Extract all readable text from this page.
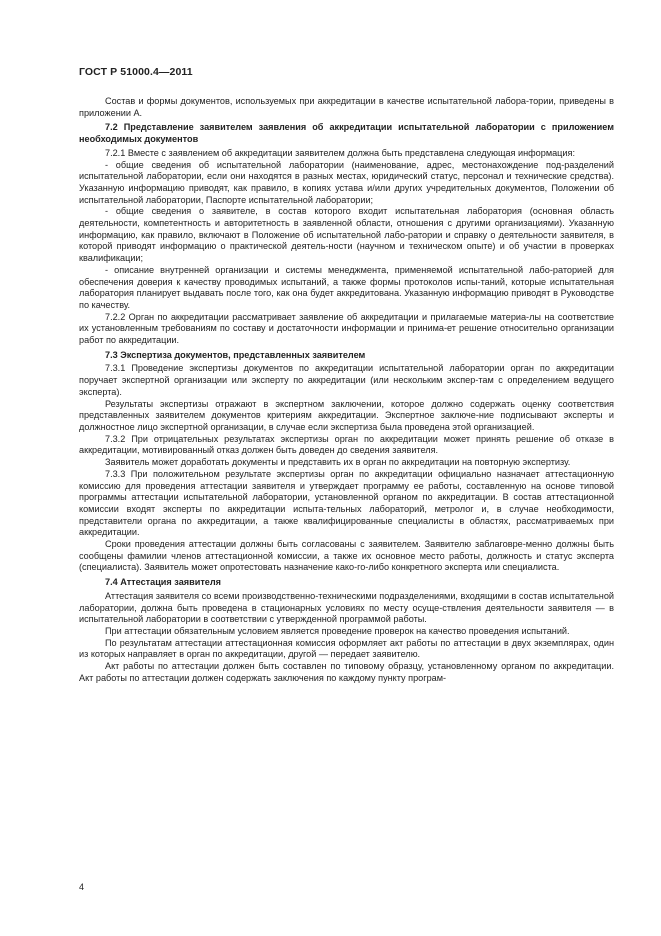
ГОСТ Р 51000.4—2011

Состав и формы документов, используемых при аккредитации в качестве испытательной лабора-тории, приведены в приложении А.

7.2 Представление заявителем заявления об аккредитации испытательной лаборатории с приложением необходимых документов

7.2.1 Вместе с заявлением об аккредитации заявителем должна быть представлена следующая информация:

- общие сведения об испытательной лаборатории (наименование, адрес, местонахождение под-разделений испытательной лаборатории, если они находятся в разных местах, юридический статус, персонал и технические средства). Указанную информацию приводят, как правило, в копиях устава и/или других учредительных документов, Положении об испытательной лаборатории, Паспорте испытательной лаборатории;

- общие сведения о заявителе, в состав которого входит испытательная лаборатория (основная область деятельности, компетентность и авторитетность в заявленной области, отношения с другими организациями). Указанную информацию, как правило, включают в Положение об испытательной лабо-ратории и справку о деятельности заявителя, в которой приводят информацию о практической деятель-ности (научном и техническом опыте) и об участии в проверках квалификации;

- описание внутренней организации и системы менеджмента, применяемой испытательной лабо-раторией для обеспечения доверия к качеству проводимых испытаний, а также формы протоколов испы-таний, которые испытательная лаборатория планирует выдавать после того, как она будет аккредитована. Указанную информацию приводят в Руководстве по качеству.

7.2.2 Орган по аккредитации рассматривает заявление об аккредитации и прилагаемые материа-лы на соответствие их установленным требованиям по составу и достаточности информации и принима-ет решение относительно организации работ по аккредитации.

7.3 Экспертиза документов, представленных заявителем

7.3.1 Проведение экспертизы документов по аккредитации испытательной лаборатории орган по аккредитации поручает экспертной организации или эксперту по аккредитации (или нескольким экспер-там с определением ведущего эксперта).

Результаты экспертизы отражают в экспертном заключении, которое должно содержать оценку соответствия представленных заявителем документов критериям аккредитации. Экспертное заключе-ние подписывают эксперты и должностное лицо экспертной организации, в случае если экспертиза была проведена этой организацией.

7.3.2 При отрицательных результатах экспертизы орган по аккредитации может принять решение об отказе в аккредитации, мотивированный отказ должен быть доведен до сведения заявителя.

Заявитель может доработать документы и представить их в орган по аккредитации на повторную экспертизу.

7.3.3 При положительном результате экспертизы орган по аккредитации официально назначает аттестационную комиссию для проведения аттестации заявителя и утверждает программу ее работы, составленную на основе типовой программы аттестации испытательной лаборатории, установленной органом по аккредитации. В состав аттестационной комиссии входят эксперты по аккредитации испыта-тельных лабораторий, метролог и, в случае необходимости, представители органа по аккредитации, а также квалифицированные специалисты в областях, рассматриваемых при аккредитации.

Сроки проведения аттестации должны быть согласованы с заявителем. Заявителю заблаговре-менно должны быть сообщены фамилии членов аттестационной комиссии, а также их основное место работы, должность и статус эксперта (специалиста). Заявитель может опротестовать назначение како-го-либо конкретного эксперта или специалиста.

7.4 Аттестация заявителя

Аттестация заявителя со всеми производственно-техническими подразделениями, входящими в состав испытательной лаборатории, должна быть проведена в стационарных условиях по месту осуще-ствления деятельности заявителя — в испытательной лаборатории в соответствии с утвержденной программой работы.

При аттестации обязательным условием является проведение проверок на качество проведения испытаний.

По результатам аттестации аттестационная комиссия оформляет акт работы по аттестации в двух экземплярах, один из которых направляет в орган по аккредитации, другой — передает заявителю.

Акт работы по аттестации должен быть составлен по типовому образцу, установленному органом по аккредитации. Акт работы по аттестации должен содержать заключения по каждому пункту програм-

4
